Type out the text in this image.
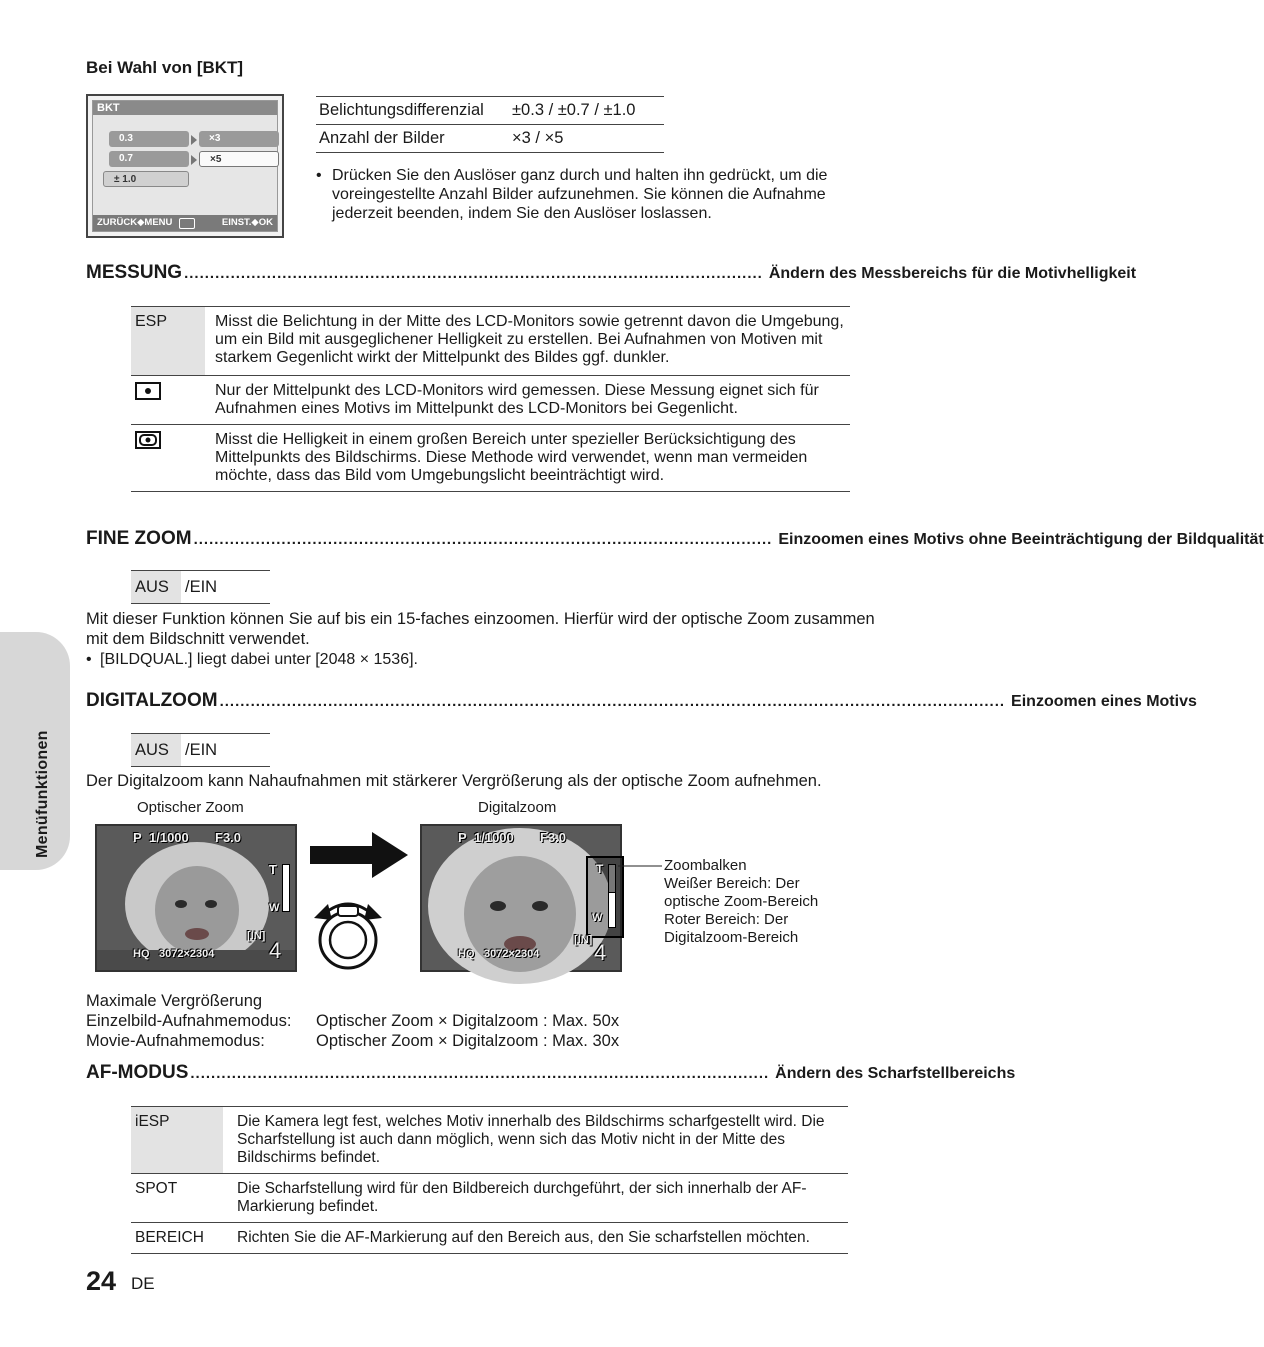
Menüfunktionen
Bei Wahl von [BKT]
BKT
0.3
0.7
± 1.0
×3
×5
ZURÜCK◆MENU	EINST.◆OK
Belichtungsdifferenzial	±0.3 / ±0.7 / ±1.0
Anzahl der Bilder	×3 / ×5
• Drücken Sie den Auslöser ganz durch und halten ihn gedrückt, um die voreingestellte Anzahl Bilder aufzunehmen. Sie können die Aufnahme jederzeit beenden, indem Sie den Auslöser loslassen.
MESSUNG ................................................................................................................ Ändern des Messbereichs für die Motivhelligkeit
ESP	Misst die Belichtung in der Mitte des LCD-Monitors sowie getrennt davon die Umgebung, um ein Bild mit ausgeglichener Helligkeit zu erstellen. Bei Aufnahmen von Motiven mit starkem Gegenlicht wirkt der Mittelpunkt des Bildes ggf. dunkler.
	Nur der Mittelpunkt des LCD-Monitors wird gemessen. Diese Messung eignet sich für Aufnahmen eines Motivs im Mittelpunkt des LCD-Monitors bei Gegenlicht.
	Misst die Helligkeit in einem großen Bereich unter spezieller Berücksichtigung des Mittelpunkts des Bildschirms. Diese Methode wird verwendet, wenn man vermeiden möchte, dass das Bild vom Umgebungslicht beeinträchtigt wird.
FINE ZOOM ................................................................................................................ Einzoomen eines Motivs ohne Beeinträchtigung der Bildqualität
AUS /EIN
Mit dieser Funktion können Sie auf bis ein 15-faches einzoomen. Hierfür wird der optische Zoom zusammen mit dem Bildschnitt verwendet.
• [BILDQUAL.] liegt dabei unter [2048 × 1536].
DIGITALZOOM ........................................................................................................................................................ Einzoomen eines Motivs
AUS /EIN
Der Digitalzoom kann Nahaufnahmen mit stärkerer Vergrößerung als der optische Zoom aufnehmen.
Optischer Zoom	Digitalzoom
P 1/1000 F3.0
T
W
[IN]
HQ 3072×2304 4
P 1/1000 F3.0
T
W
[IN]
HQ 3072×2304 4
Zoombalken
Weißer Bereich: Der
optische Zoom-Bereich
Roter Bereich: Der
Digitalzoom-Bereich
Maximale Vergrößerung
Einzelbild-Aufnahmemodus: Optischer Zoom × Digitalzoom : Max. 50x
Movie-Aufnahmemodus:	Optischer Zoom × Digitalzoom : Max. 30x
AF-MODUS ................................................................................................................ Ändern des Scharfstellbereichs
iESP	Die Kamera legt fest, welches Motiv innerhalb des Bildschirms scharfgestellt wird. Die Scharfstellung ist auch dann möglich, wenn sich das Motiv nicht in der Mitte des Bildschirms befindet.
SPOT	Die Scharfstellung wird für den Bildbereich durchgeführt, der sich innerhalb der AF-Markierung befindet.
BEREICH	Richten Sie die AF-Markierung auf den Bereich aus, den Sie scharfstellen möchten.
24 DE
